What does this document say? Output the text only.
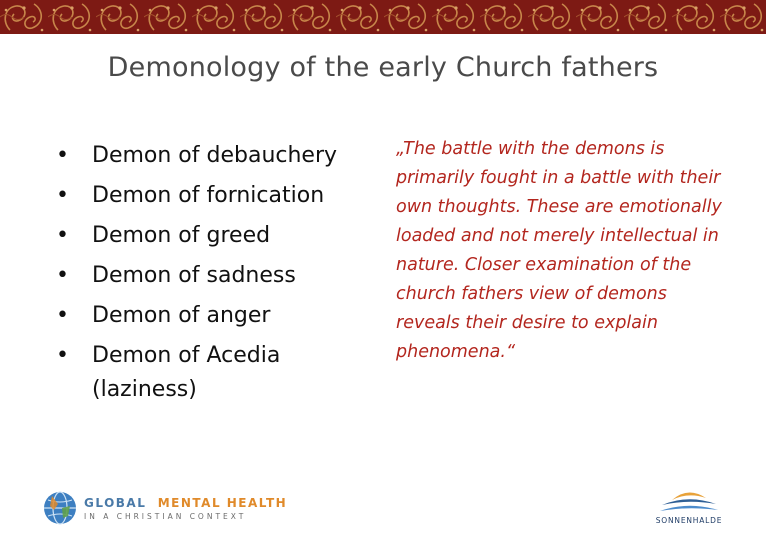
Demonology of the early Church fathers
• Demon of debauchery
• Demon of fornication
• Demon of greed
• Demon of sadness
• Demon of anger
• Demon of Acedia (laziness)
„The battle with the demons is primarily fought in a battle with their own thoughts. These are emotionally loaded and not merely intellectual in nature. Closer examination of the church fathers view of demons reveals their desire to explain phenomena.“
GLOBAL MENTAL HEALTH
IN A CHRISTIAN CONTEXT	SONNENHALDE
